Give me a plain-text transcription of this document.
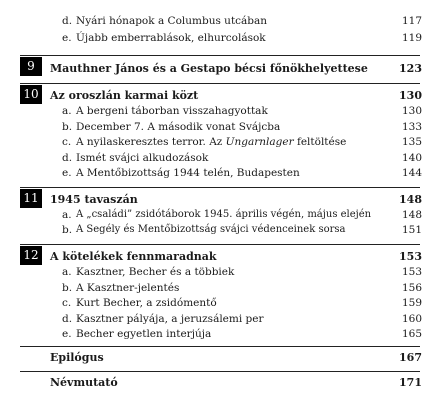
d. Nyári hónapok a Columbus utcában	117
e. Újabb emberrablások, elhurcolások	119
9	Mauthner János és a Gestapo bécsi főnökhelyettese	123
10	Az oroszlán karmai közt	130
a. A bergeni táborban visszahagyottak	130
b. December 7. A második vonat Svájcba	133
c. A nyilaskeresztes terror. Az Ungarnlager feltöltése	135
d. Ismét svájci alkudozások	140
e. A Mentőbizottság 1944 telén, Budapesten	144
11	1945 tavaszán	148
a. A „családi” zsidótáborok 1945. április végén, május elején	148
b. A Segély és Mentőbizottság svájci védenceinek sorsa	151
12	A kötelékek fennmaradnak	153
a. Kasztner, Becher és a többiek	153
b. A Kasztner-jelentés	156
c. Kurt Becher, a zsidómentő	159
d. Kasztner pályája, a jeruzsálemi per	160
e. Becher egyetlen interjúja	165
Epilógus	167
Névmutató	171
